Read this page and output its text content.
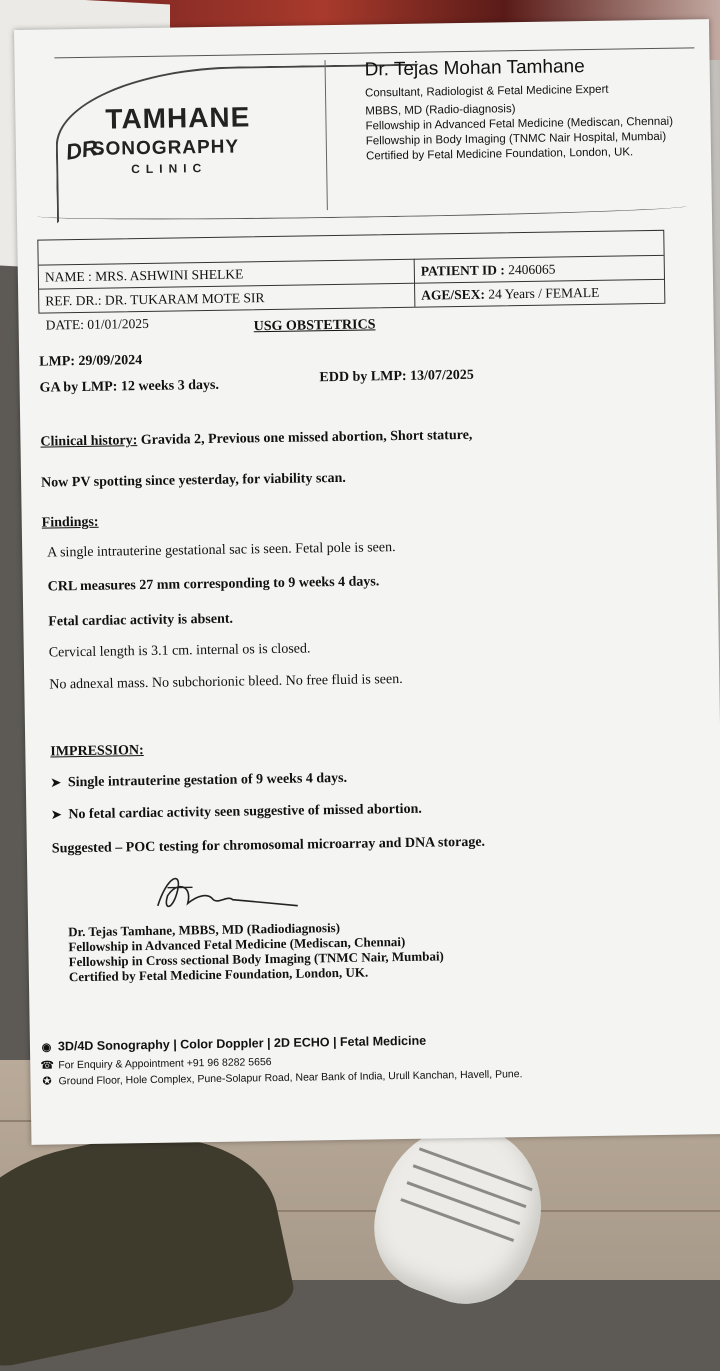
DR.
TAMHANE
SONOGRAPHY
CLINIC
Dr. Tejas Mohan Tamhane
Consultant, Radiologist & Fetal Medicine Expert
MBBS, MD (Radio-diagnosis)
Fellowship in Advanced Fetal Medicine (Mediscan, Chennai)
Fellowship in Body Imaging (TNMC Nair Hospital, Mumbai)
Certified by Fetal Medicine Foundation, London, UK.
NAME : MRS. ASHWINI SHELKE
REF. DR.: DR. TUKARAM MOTE SIR
DATE: 01/01/2025
PATIENT ID : 2406065
AGE/SEX: 24 Years / FEMALE
USG OBSTETRICS
LMP: 29/09/2024
GA by LMP: 12 weeks 3 days.
EDD by LMP: 13/07/2025
Clinical history: Gravida 2, Previous one missed abortion, Short stature,
Now PV spotting since yesterday, for viability scan.
Findings:
A single intrauterine gestational sac is seen. Fetal pole is seen.
CRL measures 27 mm corresponding to 9 weeks 4 days.
Fetal cardiac activity is absent.
Cervical length is 3.1 cm. internal os is closed.
No adnexal mass. No subchorionic bleed. No free fluid is seen.
IMPRESSION:
➤ Single intrauterine gestation of 9 weeks 4 days.
➤ No fetal cardiac activity seen suggestive of missed abortion.
Suggested – POC testing for chromosomal microarray and DNA storage.
Dr. Tejas Tamhane, MBBS, MD (Radiodiagnosis)
Fellowship in Advanced Fetal Medicine (Mediscan, Chennai)
Fellowship in Cross sectional Body Imaging (TNMC Nair, Mumbai)
Certified by Fetal Medicine Foundation, London, UK.
◉ 3D/4D Sonography | Color Doppler | 2D ECHO | Fetal Medicine
☎ For Enquiry & Appointment +91 96 8282 5656
✪ Ground Floor, Hole Complex, Pune-Solapur Road, Near Bank of India, Urull Kanchan, Havell, Pune.
